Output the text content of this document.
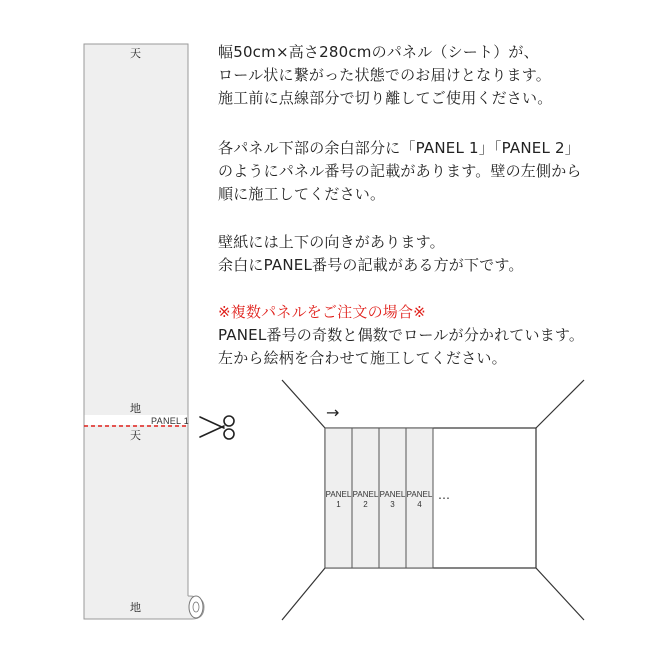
幅50cm×高さ280cmのパネル（シート）が、

ロール状に繋がった状態でのお届けとなります。

施工前に点線部分で切り離してご使用ください。

各パネル下部の余白部分に「PANEL 1」「PANEL 2」

のようにパネル番号の記載があります。壁の左側から

順に施工してください。

壁紙には上下の向きがあります。

余白にPANEL番号の記載がある方が下です。

※複数パネルをご注文の場合※

PANEL番号の奇数と偶数でロールが分かれています。

左から絵柄を合わせて施工してください。

天
地
PANEL 1
天
地
→
PANEL
1
PANEL
2
PANEL
3
PANEL
4
…
